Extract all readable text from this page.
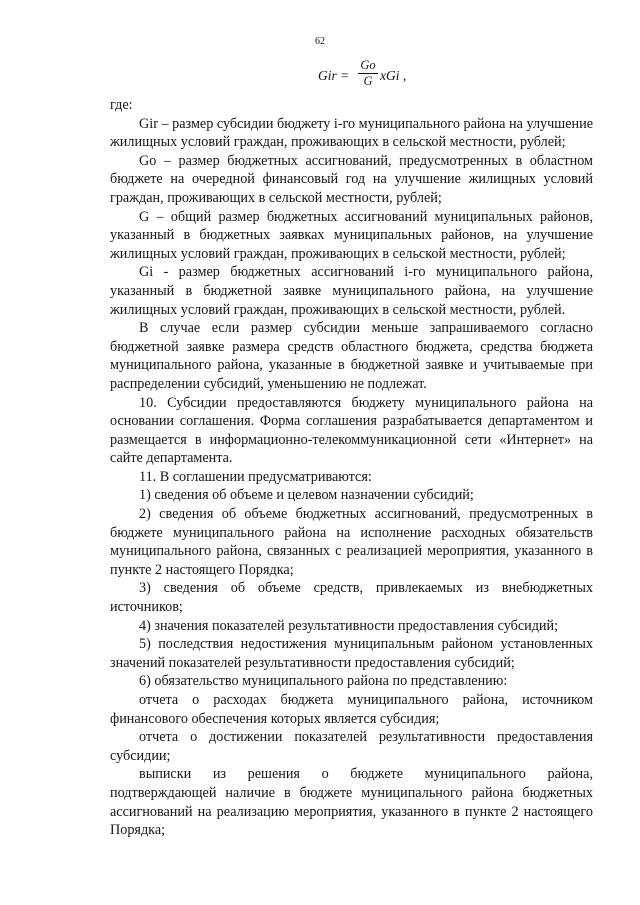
62
Gir =
Go
G xGi ,

где:

Gir – размер субсидии бюджету i-го муниципального района на улучшение жилищных условий граждан, проживающих в сельской местности, рублей;

Go – размер бюджетных ассигнований, предусмотренных в областном бюджете на очередной финансовый год на улучшение жилищных условий граждан, проживающих в сельской местности, рублей;

G – общий размер бюджетных ассигнований муниципальных районов, указанный в бюджетных заявках муниципальных районов, на улучшение жилищных условий граждан, проживающих в сельской местности, рублей;

Gi - размер бюджетных ассигнований i-го муниципального района, указанный в бюджетной заявке муниципального района, на улучшение жилищных условий граждан, проживающих в сельской местности, рублей.

В случае если размер субсидии меньше запрашиваемого согласно бюджетной заявке размера средств областного бюджета, средства бюджета муниципального района, указанные в бюджетной заявке и учитываемые при распределении субсидий, уменьшению не подлежат.

10. Субсидии предоставляются бюджету муниципального района на основании соглашения. Форма соглашения разрабатывается департаментом и размещается в информационно-телекоммуникационной сети «Интернет» на сайте департамента.

11. В соглашении предусматриваются:

1) сведения об объеме и целевом назначении субсидий;

2) сведения об объеме бюджетных ассигнований, предусмотренных в бюджете муниципального района на исполнение расходных обязательств муниципального района, связанных с реализацией мероприятия, указанного в пункте 2 настоящего Порядка;

3) сведения об объеме средств, привлекаемых из внебюджетных источников;

4) значения показателей результативности предоставления субсидий;

5) последствия недостижения муниципальным районом установленных значений показателей результативности предоставления субсидий;

6) обязательство муниципального района по представлению:

отчета о расходах бюджета муниципального района, источником финансового обеспечения которых является субсидия;

отчета о достижении показателей результативности предоставления субсидии;

выписки из решения о бюджете муниципального района, подтверждающей наличие в бюджете муниципального района бюджетных ассигнований на реализацию мероприятия, указанного в пункте 2 настоящего Порядка;
